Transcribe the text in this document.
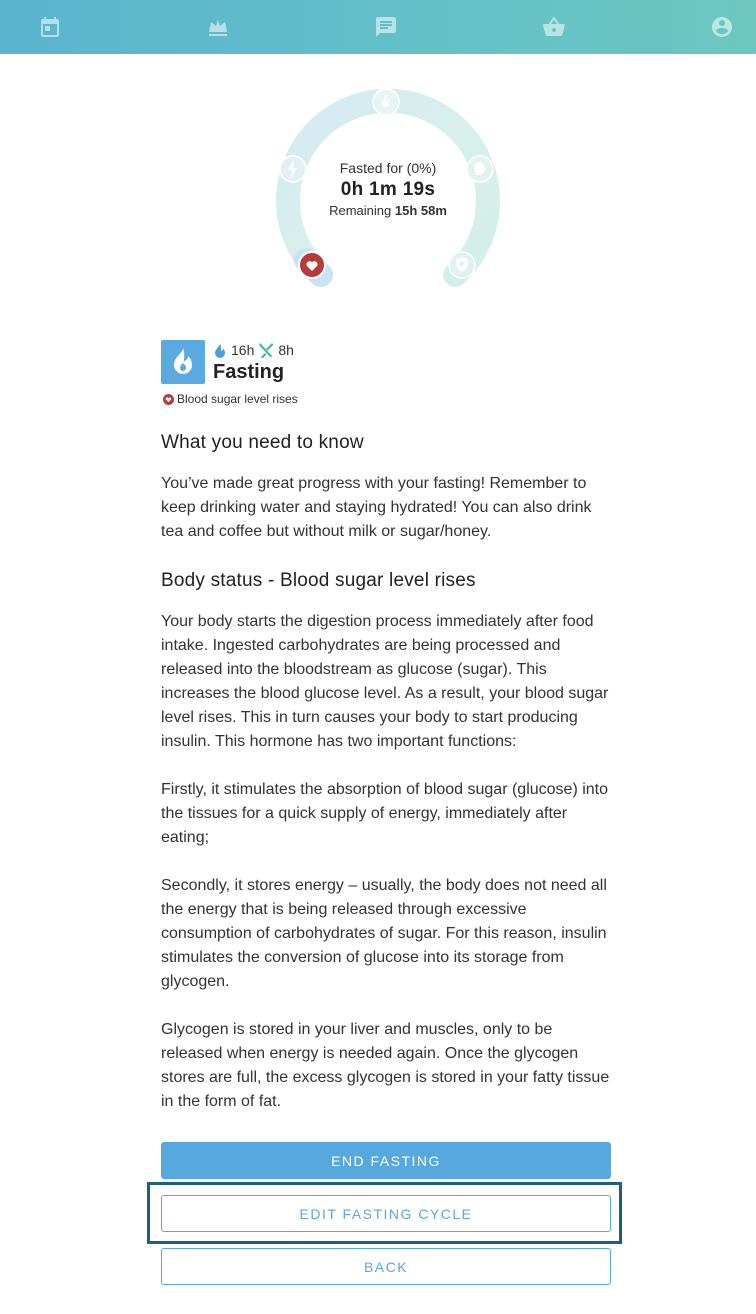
Fasted for (0%)
0h 1m 19s
Remaining 15h 58m
16h 8h
Fasting
Blood sugar level rises
What you need to know

You’ve made great progress with your fasting! Remember to keep drinking water and staying hydrated! You can also drink tea and coffee but without milk or sugar/honey.

Body status - Blood sugar level rises

Your body starts the digestion process immediately after food intake. Ingested carbohydrates are being processed and released into the bloodstream as glucose (sugar). This increases the blood glucose level. As a result, your blood sugar level rises. This in turn causes your body to start producing insulin. This hormone has two important functions:

Firstly, it stimulates the absorption of blood sugar (glucose) into the tissues for a quick supply of energy, immediately after eating;

Secondly, it stores energy – usually, the body does not need all the energy that is being released through excessive consumption of carbohydrates of sugar. For this reason, insulin stimulates the conversion of glucose into its storage from glycogen.

Glycogen is stored in your liver and muscles, only to be released when energy is needed again. Once the glycogen stores are full, the excess glycogen is stored in your fatty tissue in the form of fat.

END FASTING
EDIT FASTING CYCLE
BACK
